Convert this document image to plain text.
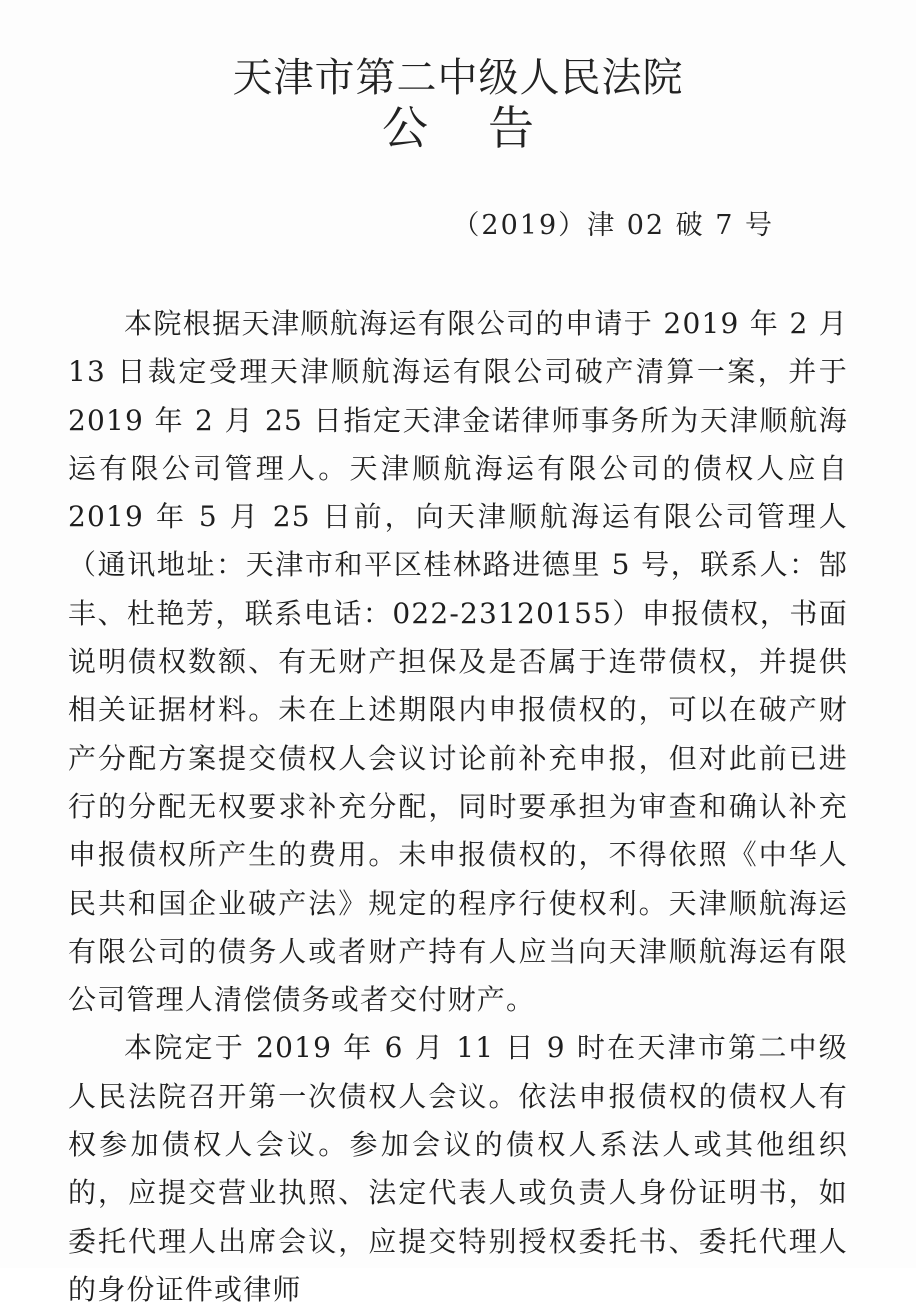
天津市第二中级人民法院
公告
（2019）津 02 破 7 号

本院根据天津顺航海运有限公司的申请于 2019 年 2 月 13 日裁定受理天津顺航海运有限公司破产清算一案，并于 2019 年 2 月 25 日指定天津金诺律师事务所为天津顺航海运有限公司管理人。天津顺航海运有限公司的债权人应自 2019 年 5 月 25 日前，向天津顺航海运有限公司管理人（通讯地址：天津市和平区桂林路进德里 5 号，联系人：郜丰、杜艳芳，联系电话：022-23120155）申报债权，书面说明债权数额、有无财产担保及是否属于连带债权，并提供相关证据材料。未在上述期限内申报债权的，可以在破产财产分配方案提交债权人会议讨论前补充申报，但对此前已进行的分配无权要求补充分配，同时要承担为审查和确认补充申报债权所产生的费用。未申报债权的，不得依照《中华人民共和国企业破产法》规定的程序行使权利。天津顺航海运有限公司的债务人或者财产持有人应当向天津顺航海运有限公司管理人清偿债务或者交付财产。

本院定于 2019 年 6 月 11 日 9 时在天津市第二中级人民法院召开第一次债权人会议。依法申报债权的债权人有权参加债权人会议。参加会议的债权人系法人或其他组织的，应提交营业执照、法定代表人或负责人身份证明书，如委托代理人出席会议，应提交特别授权委托书、委托代理人的身份证件或律师
